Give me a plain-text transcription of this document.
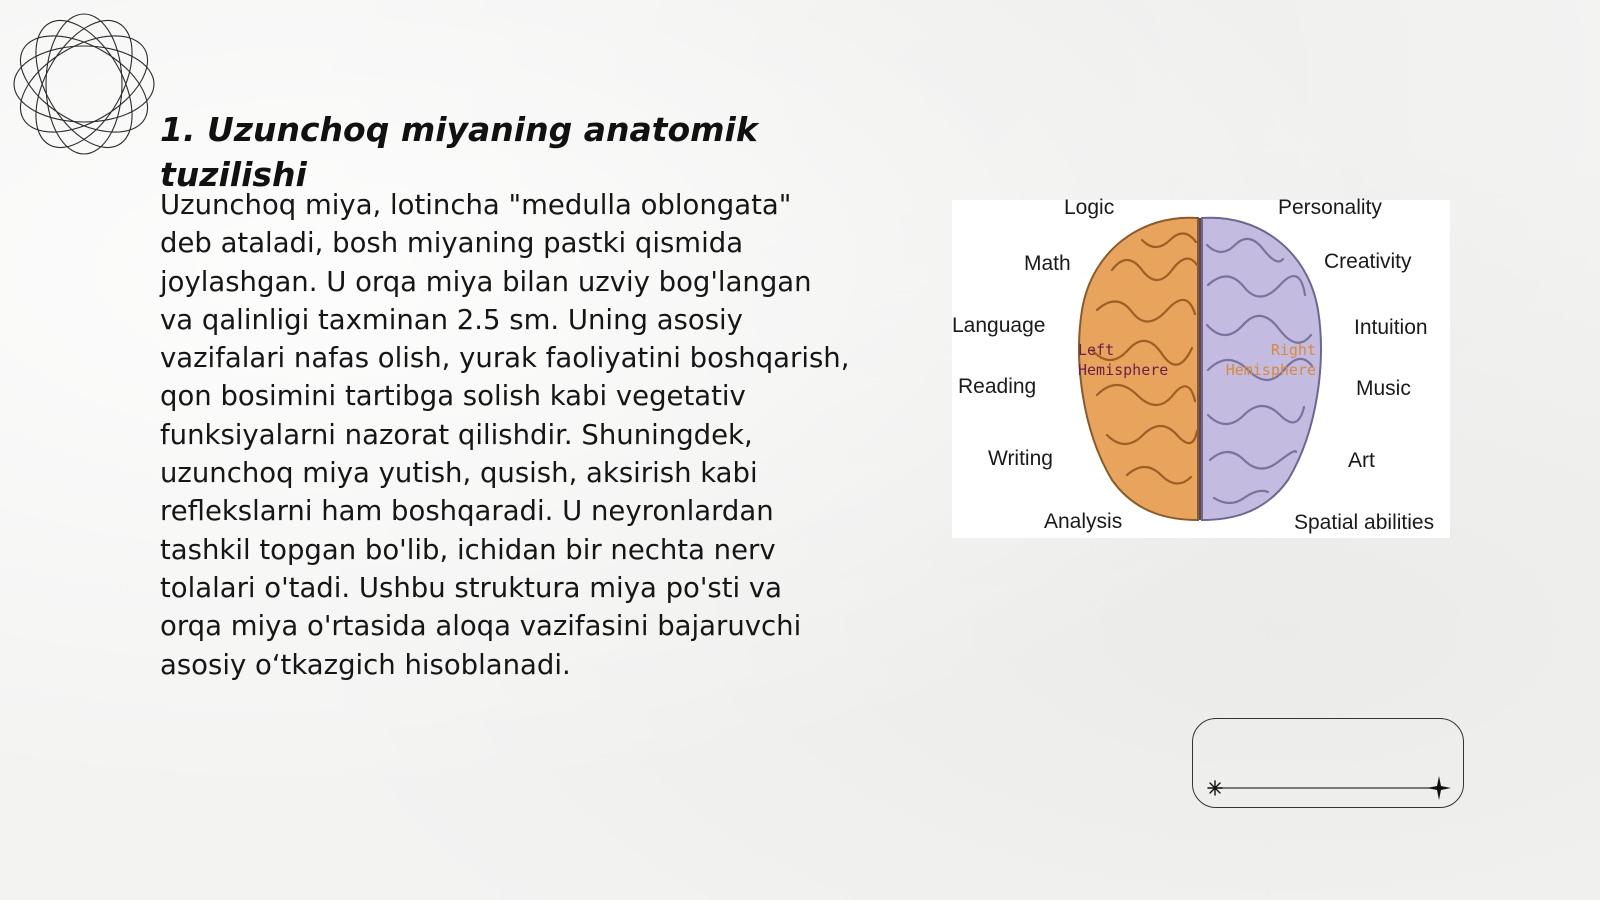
1. Uzunchoq miyaning anatomik tuzilishi

Uzunchoq miya, lotincha "medulla oblongata" deb ataladi, bosh miyaning pastki qismida joylashgan. U orqa miya bilan uzviy bog'langan va qalinligi taxminan 2.5 sm. Uning asosiy vazifalari nafas olish, yurak faoliyatini boshqarish, qon bosimini tartibga solish kabi vegetativ funksiyalarni nazorat qilishdir. Shuningdek, uzunchoq miya yutish, qusish, aksirish kabi reflekslarni ham boshqaradi. U neyronlardan tashkil topgan bo'lib, ichidan bir nechta nerv tolalari o'tadi. Ushbu struktura miya po'sti va orqa miya o'rtasida aloqa vazifasini bajaruvchi asosiy o‘tkazgich hisoblanadi.

Left
Hemisphere
Right
Hemisphere
Logic
Math
Language
Reading
Writing
Analysis
Personality
Creativity
Intuition
Music
Art
Spatial abilities
